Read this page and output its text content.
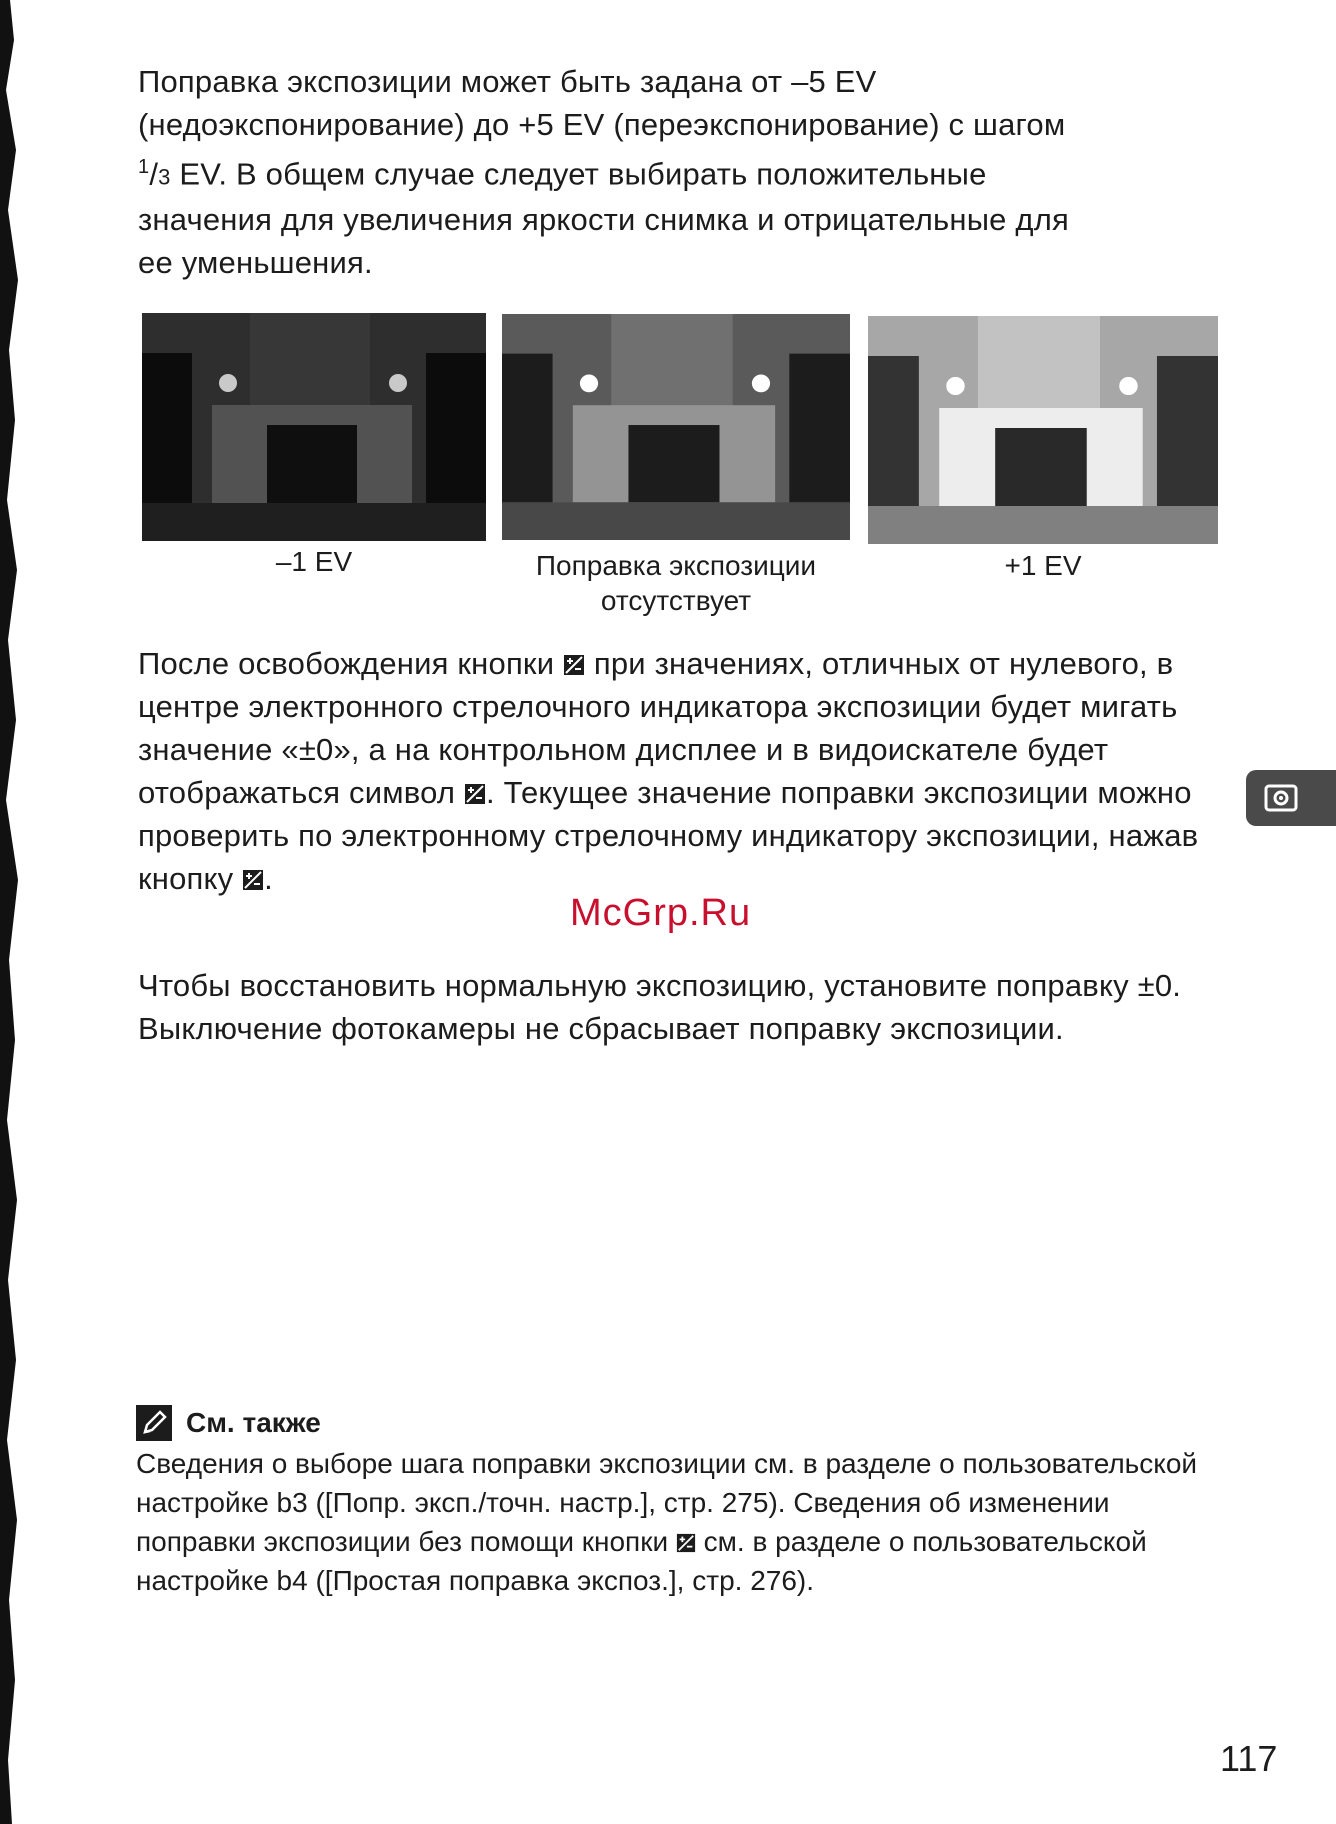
Поправка экспозиции может быть задана от –5 EV
(недоэкспонирование) до +5 EV (переэкспонирование) с шагом
$^1$/3 EV. В общем случае следует выбирать положительные
значения для увеличения яркости снимка и отрицательные для
ее уменьшения.

–1 EV	Поправка экспозиции
отсутствует
+1 EV

После освобождения кнопки
при значениях, отличных от нулевого, в центре электронного стрелочного индикатора экспозиции будет мигать значение «±0», а на контрольном дисплее и в видоискателе будет отображаться символ
. Текущее значение поправки экспозиции можно проверить по электронному стрелочному индикатору экспозиции, нажав кнопку
.

McGrp.Ru

Чтобы восстановить нормальную экспозицию, установите поправку ±0. Выключение фотокамеры не сбрасывает поправку экспозиции.

См. также

Сведения о выборе шага поправки экспозиции см. в разделе о пользовательской настройке b3 ([Попр. эксп./точн. настр.], стр. 275). Сведения об изменении поправки экспозиции без помощи кнопки
см. в разделе о пользовательской настройке b4 ([Простая поправка экспоз.], стр. 276).

117
